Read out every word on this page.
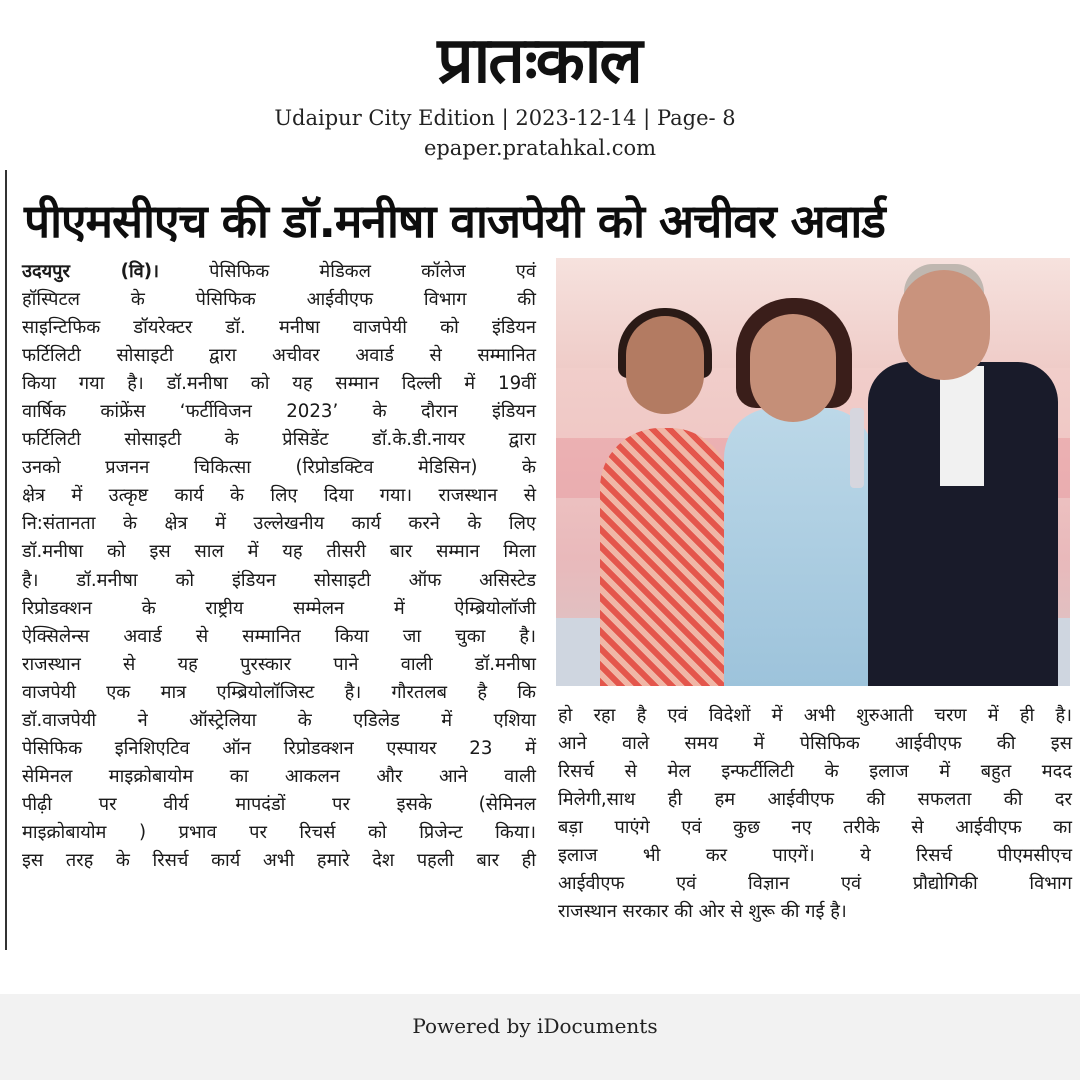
प्रातःकाल
Udaipur City Edition | 2023-12-14 | Page- 8
epaper.pratahkal.com
पीएमसीएच की डॉ.मनीषा वाजपेयी को अचीवर अवार्ड
उदयपुर (वि)।	पेसिफिक मेडिकल कॉलेज एवं
हॉस्पिटल के पेसिफिक आईवीएफ विभाग की
साइन्टिफिक डॉयरेक्टर डॉ. मनीषा वाजपेयी को इंडियन
फर्टिलिटी सोसाइटी द्वारा अचीवर अवार्ड से सम्मानित
किया गया है। डॉ.मनीषा को यह सम्मान दिल्ली में 19वीं
वार्षिक कांफ्रेंस ‘फर्टीविजन 2023’ के दौरान इंडियन
फर्टिलिटी सोसाइटी के प्रेसिडेंट डॉ.के.डी.नायर द्वारा
उनको प्रजनन चिकित्सा (रिप्रोडक्टिव मेडिसिन) के
क्षेत्र में उत्कृष्ट कार्य के लिए दिया गया। राजस्थान से
नि:संतानता के क्षेत्र में उल्लेखनीय कार्य करने के लिए
डॉ.मनीषा को इस साल में यह तीसरी बार सम्मान मिला
है। डॉ.मनीषा को इंडियन सोसाइटी ऑफ असिस्टेड
रिप्रोडक्शन के राष्ट्रीय सम्मेलन में ऐम्ब्रियोलॉजी
ऐक्सिलेन्स अवार्ड से सम्मानित किया जा चुका है।
राजस्थान से यह पुरस्कार पाने वाली डॉ.मनीषा
वाजपेयी एक मात्र एम्ब्रियोलॉजिस्ट है। गौरतलब है कि
डॉ.वाजपेयी ने ऑस्ट्रेलिया के एडिलेड में एशिया
पेसिफिक इनिशिएटिव ऑन रिप्रोडक्शन एस्पायर 23 में
सेमिनल माइक्रोबायोम का आकलन और आने वाली
पीढ़ी पर वीर्य मापदंडों पर इसके (सेमिनल
माइक्रोबायोम ) प्रभाव पर रिचर्स को प्रिजेन्ट किया।
इस तरह के रिसर्च कार्य अभी हमारे देश पहली बार ही
हो रहा है एवं विदेशों में अभी शुरुआती चरण में ही है।
आने वाले समय में पेसिफिक आईवीएफ की इस
रिसर्च से मेल इन्फर्टीलिटी के इलाज में बहुत मदद
मिलेगी,साथ ही हम आईवीएफ की सफलता की दर
बड़ा पाएंगे एवं कुछ नए तरीके से आईवीएफ का
इलाज भी कर पाएगें। ये रिसर्च पीएमसीएच
आईवीएफ एवं विज्ञान एवं प्रौद्योगिकी विभाग
राजस्थान सरकार की ओर से शुरू की गई है।
Powered by iDocuments
